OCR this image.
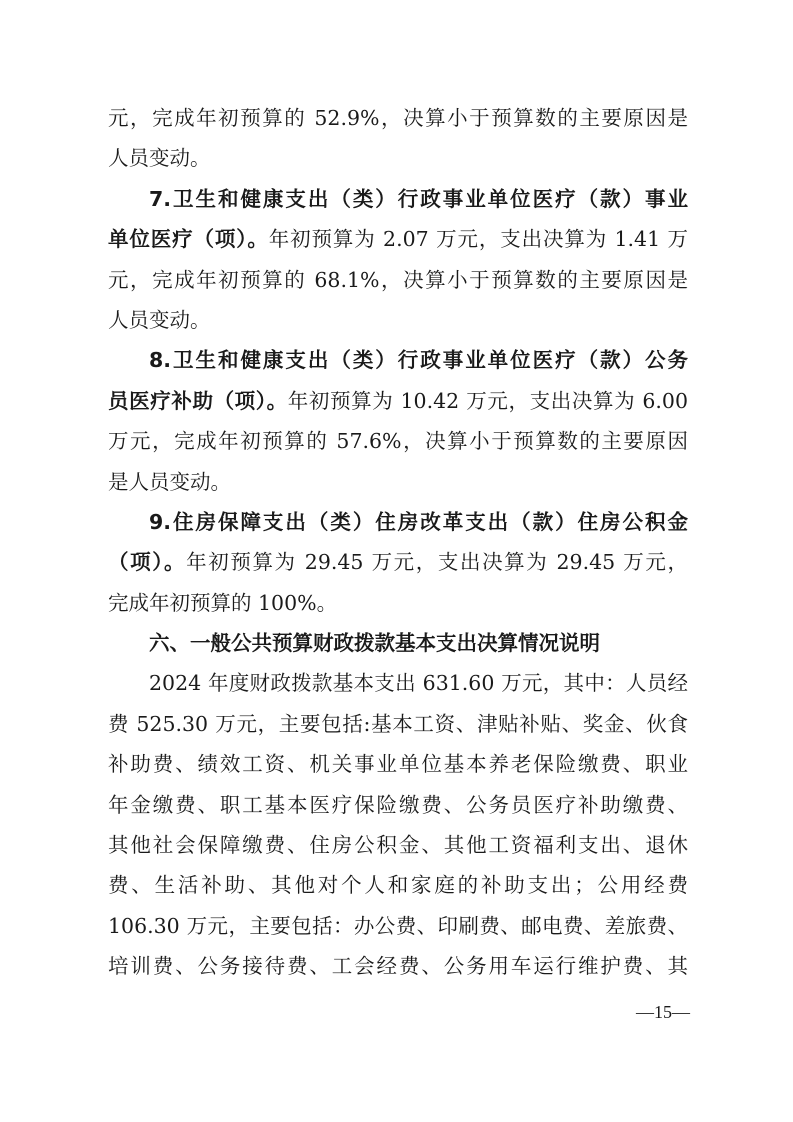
元，完成年初预算的 52.9%，决算小于预算数的主要原因是
人员变动。
7.卫生和健康支出（类）行政事业单位医疗（款）事业
单位医疗（项）。年初预算为 2.07 万元，支出决算为 1.41 万
元，完成年初预算的 68.1%，决算小于预算数的主要原因是
人员变动。
8.卫生和健康支出（类）行政事业单位医疗（款）公务
员医疗补助（项）。年初预算为 10.42 万元，支出决算为 6.00
万元，完成年初预算的 57.6%，决算小于预算数的主要原因
是人员变动。
9.住房保障支出（类）住房改革支出（款）住房公积金
（项）。年初预算为 29.45 万元，支出决算为 29.45 万元，
完成年初预算的 100%。
六、一般公共预算财政拨款基本支出决算情况说明
2024 年度财政拨款基本支出 631.60 万元，其中：人员经
费 525.30 万元，主要包括:基本工资、津贴补贴、奖金、伙食
补助费、绩效工资、机关事业单位基本养老保险缴费、职业
年金缴费、职工基本医疗保险缴费、公务员医疗补助缴费、
其他社会保障缴费、住房公积金、其他工资福利支出、退休
费、生活补助、其他对个人和家庭的补助支出；公用经费
106.30 万元，主要包括：办公费、印刷费、邮电费、差旅费、
培训费、公务接待费、工会经费、公务用车运行维护费、其
—15—
